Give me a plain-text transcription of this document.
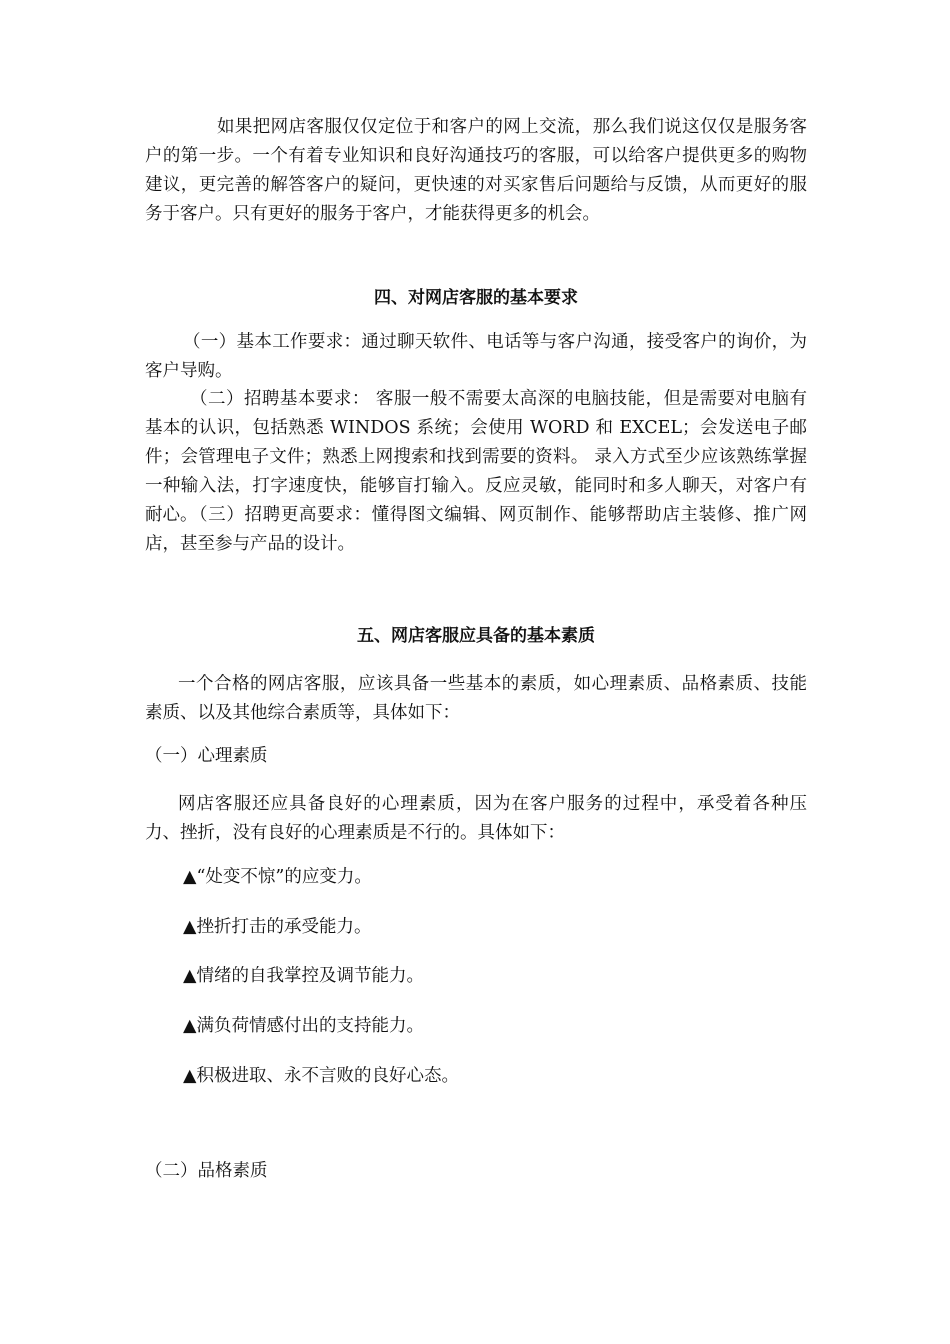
如果把网店客服仅仅定位于和客户的网上交流，那么我们说这仅仅是服务客户的第一步。一个有着专业知识和良好沟通技巧的客服，可以给客户提供更多的购物建议，更完善的解答客户的疑问，更快速的对买家售后问题给与反馈，从而更好的服务于客户。只有更好的服务于客户，才能获得更多的机会。

四、对网店客服的基本要求

（一）基本工作要求：通过聊天软件、电话等与客户沟通，接受客户的询价，为客户导购。

（二）招聘基本要求： 客服一般不需要太高深的电脑技能，但是需要对电脑有基本的认识，包括熟悉 WINDOS 系统；会使用 WORD 和 EXCEL；会发送电子邮件；会管理电子文件；熟悉上网搜索和找到需要的资料。 录入方式至少应该熟练掌握一种输入法，打字速度快，能够盲打输入。反应灵敏，能同时和多人聊天，对客户有耐心。

（三）招聘更高要求：懂得图文编辑、网页制作、能够帮助店主装修、推广网店，甚至参与产品的设计。

五、网店客服应具备的基本素质

一个合格的网店客服，应该具备一些基本的素质，如心理素质、品格素质、技能素质、以及其他综合素质等，具体如下：

（一）心理素质

网店客服还应具备良好的心理素质，因为在客户服务的过程中，承受着各种压力、挫折，没有良好的心理素质是不行的。具体如下：

▲“处变不惊”的应变力。

▲挫折打击的承受能力。

▲情绪的自我掌控及调节能力。

▲满负荷情感付出的支持能力。

▲积极进取、永不言败的良好心态。

（二）品格素质
